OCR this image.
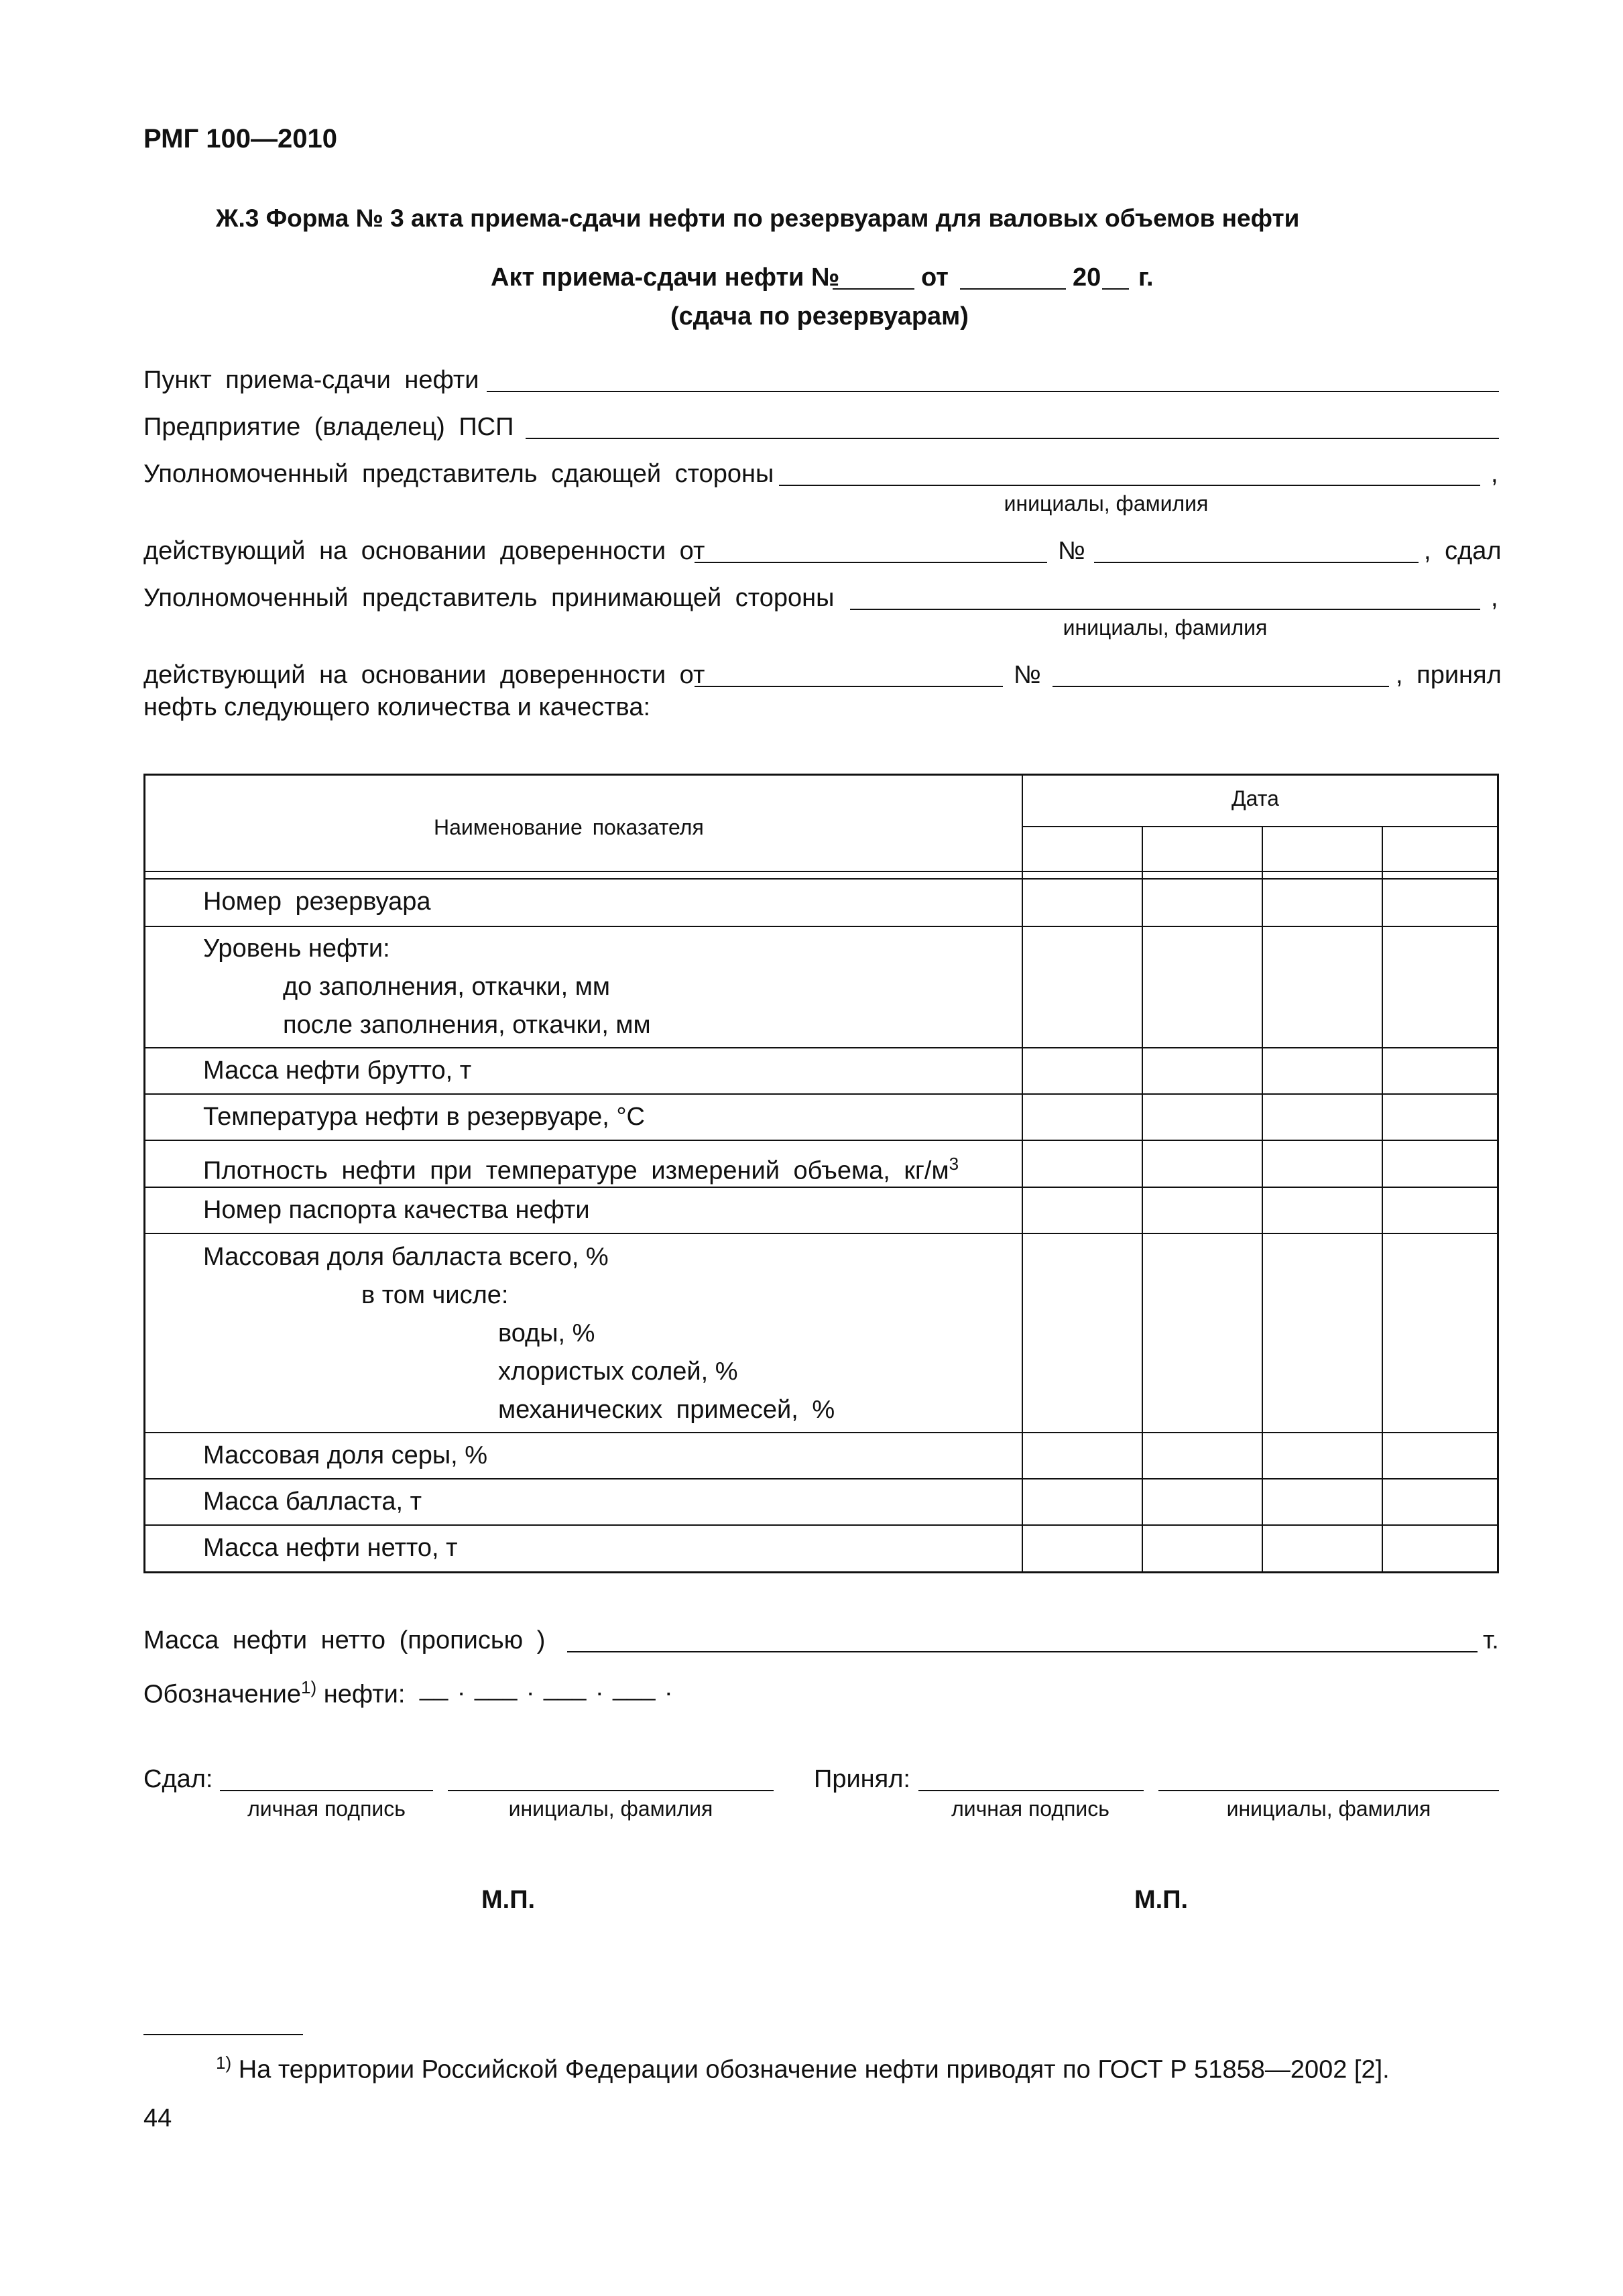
РМГ 100—2010
Ж.3 Форма № 3 акта приема-сдачи нефти по резервуарам для валовых объемов нефти
Акт приема-сдачи нефти №	от	20 г.
(сдача по резервуарам)
Пункт приема-сдачи нефти
Предприятие (владелец) ПСП
Уполномоченный представитель сдающей стороны	,
инициалы, фамилия
действующий на основании доверенности от	№	, сдал
Уполномоченный представитель принимающей стороны	,
инициалы, фамилия
действующий на основании доверенности от	№	, принял
нефть следующего количества и качества:
Наименование показателя
Дата
Номер резервуара
Уровень нефти:
до заполнения, откачки, мм
после заполнения, откачки, мм
Масса нефти брутто, т
Температура нефти в резервуаре, °С
Плотность нефти при температуре измерений объема, $кг/м^3$
Номер паспорта качества нефти
Массовая доля балласта всего, %
в том числе:
воды, %
хлористых солей, %
механических примесей, %
Массовая доля серы, %
Масса балласта, т
Масса нефти нетто, т
Масса нефти нетто (прописью )	т.
Обозначение$^{1)}$ нефти: __ . ___ . ___ . ___ .
Сдал:
личная подпись	инициалы, фамилия
Принял:
личная подпись	инициалы, фамилия
М.П.	М.П.
$^{1)}$ На территории Российской Федерации обозначение нефти приводят по ГОСТ Р 51858—2002 [2].
44
